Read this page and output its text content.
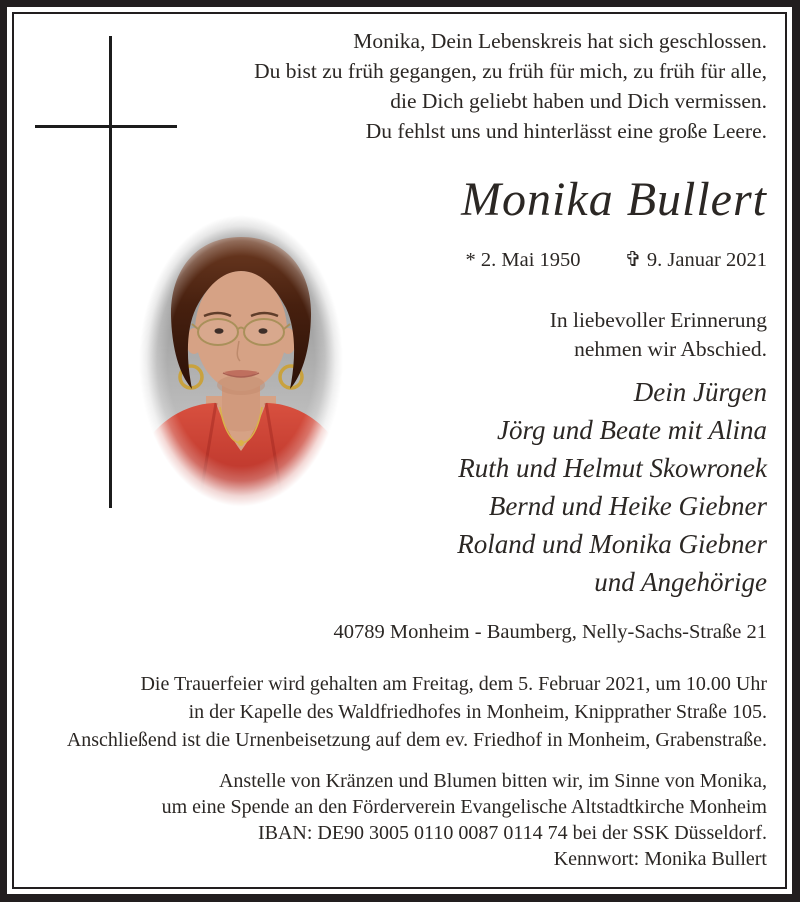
Monika, Dein Lebenskreis hat sich geschlossen.
Du bist zu früh gegangen, zu früh für mich, zu früh für alle,
die Dich geliebt haben und Dich vermissen.
Du fehlst uns und hinterlässt eine große Leere.
Monika Bullert
* 2. Mai 1950 ✞ 9. Januar 2021
In liebevoller Erinnerung
nehmen wir Abschied.
Dein Jürgen
Jörg und Beate mit Alina
Ruth und Helmut Skowronek
Bernd und Heike Giebner
Roland und Monika Giebner
und Angehörige
40789 Monheim - Baumberg, Nelly-Sachs-Straße 21
Die Trauerfeier wird gehalten am Freitag, dem 5. Februar 2021, um 10.00 Uhr
in der Kapelle des Waldfriedhofes in Monheim, Knipprather Straße 105.
Anschließend ist die Urnenbeisetzung auf dem ev. Friedhof in Monheim, Grabenstraße.
Anstelle von Kränzen und Blumen bitten wir, im Sinne von Monika,
um eine Spende an den Förderverein Evangelische Altstadtkirche Monheim
IBAN: DE90 3005 0110 0087 0114 74 bei der SSK Düsseldorf.
Kennwort: Monika Bullert
